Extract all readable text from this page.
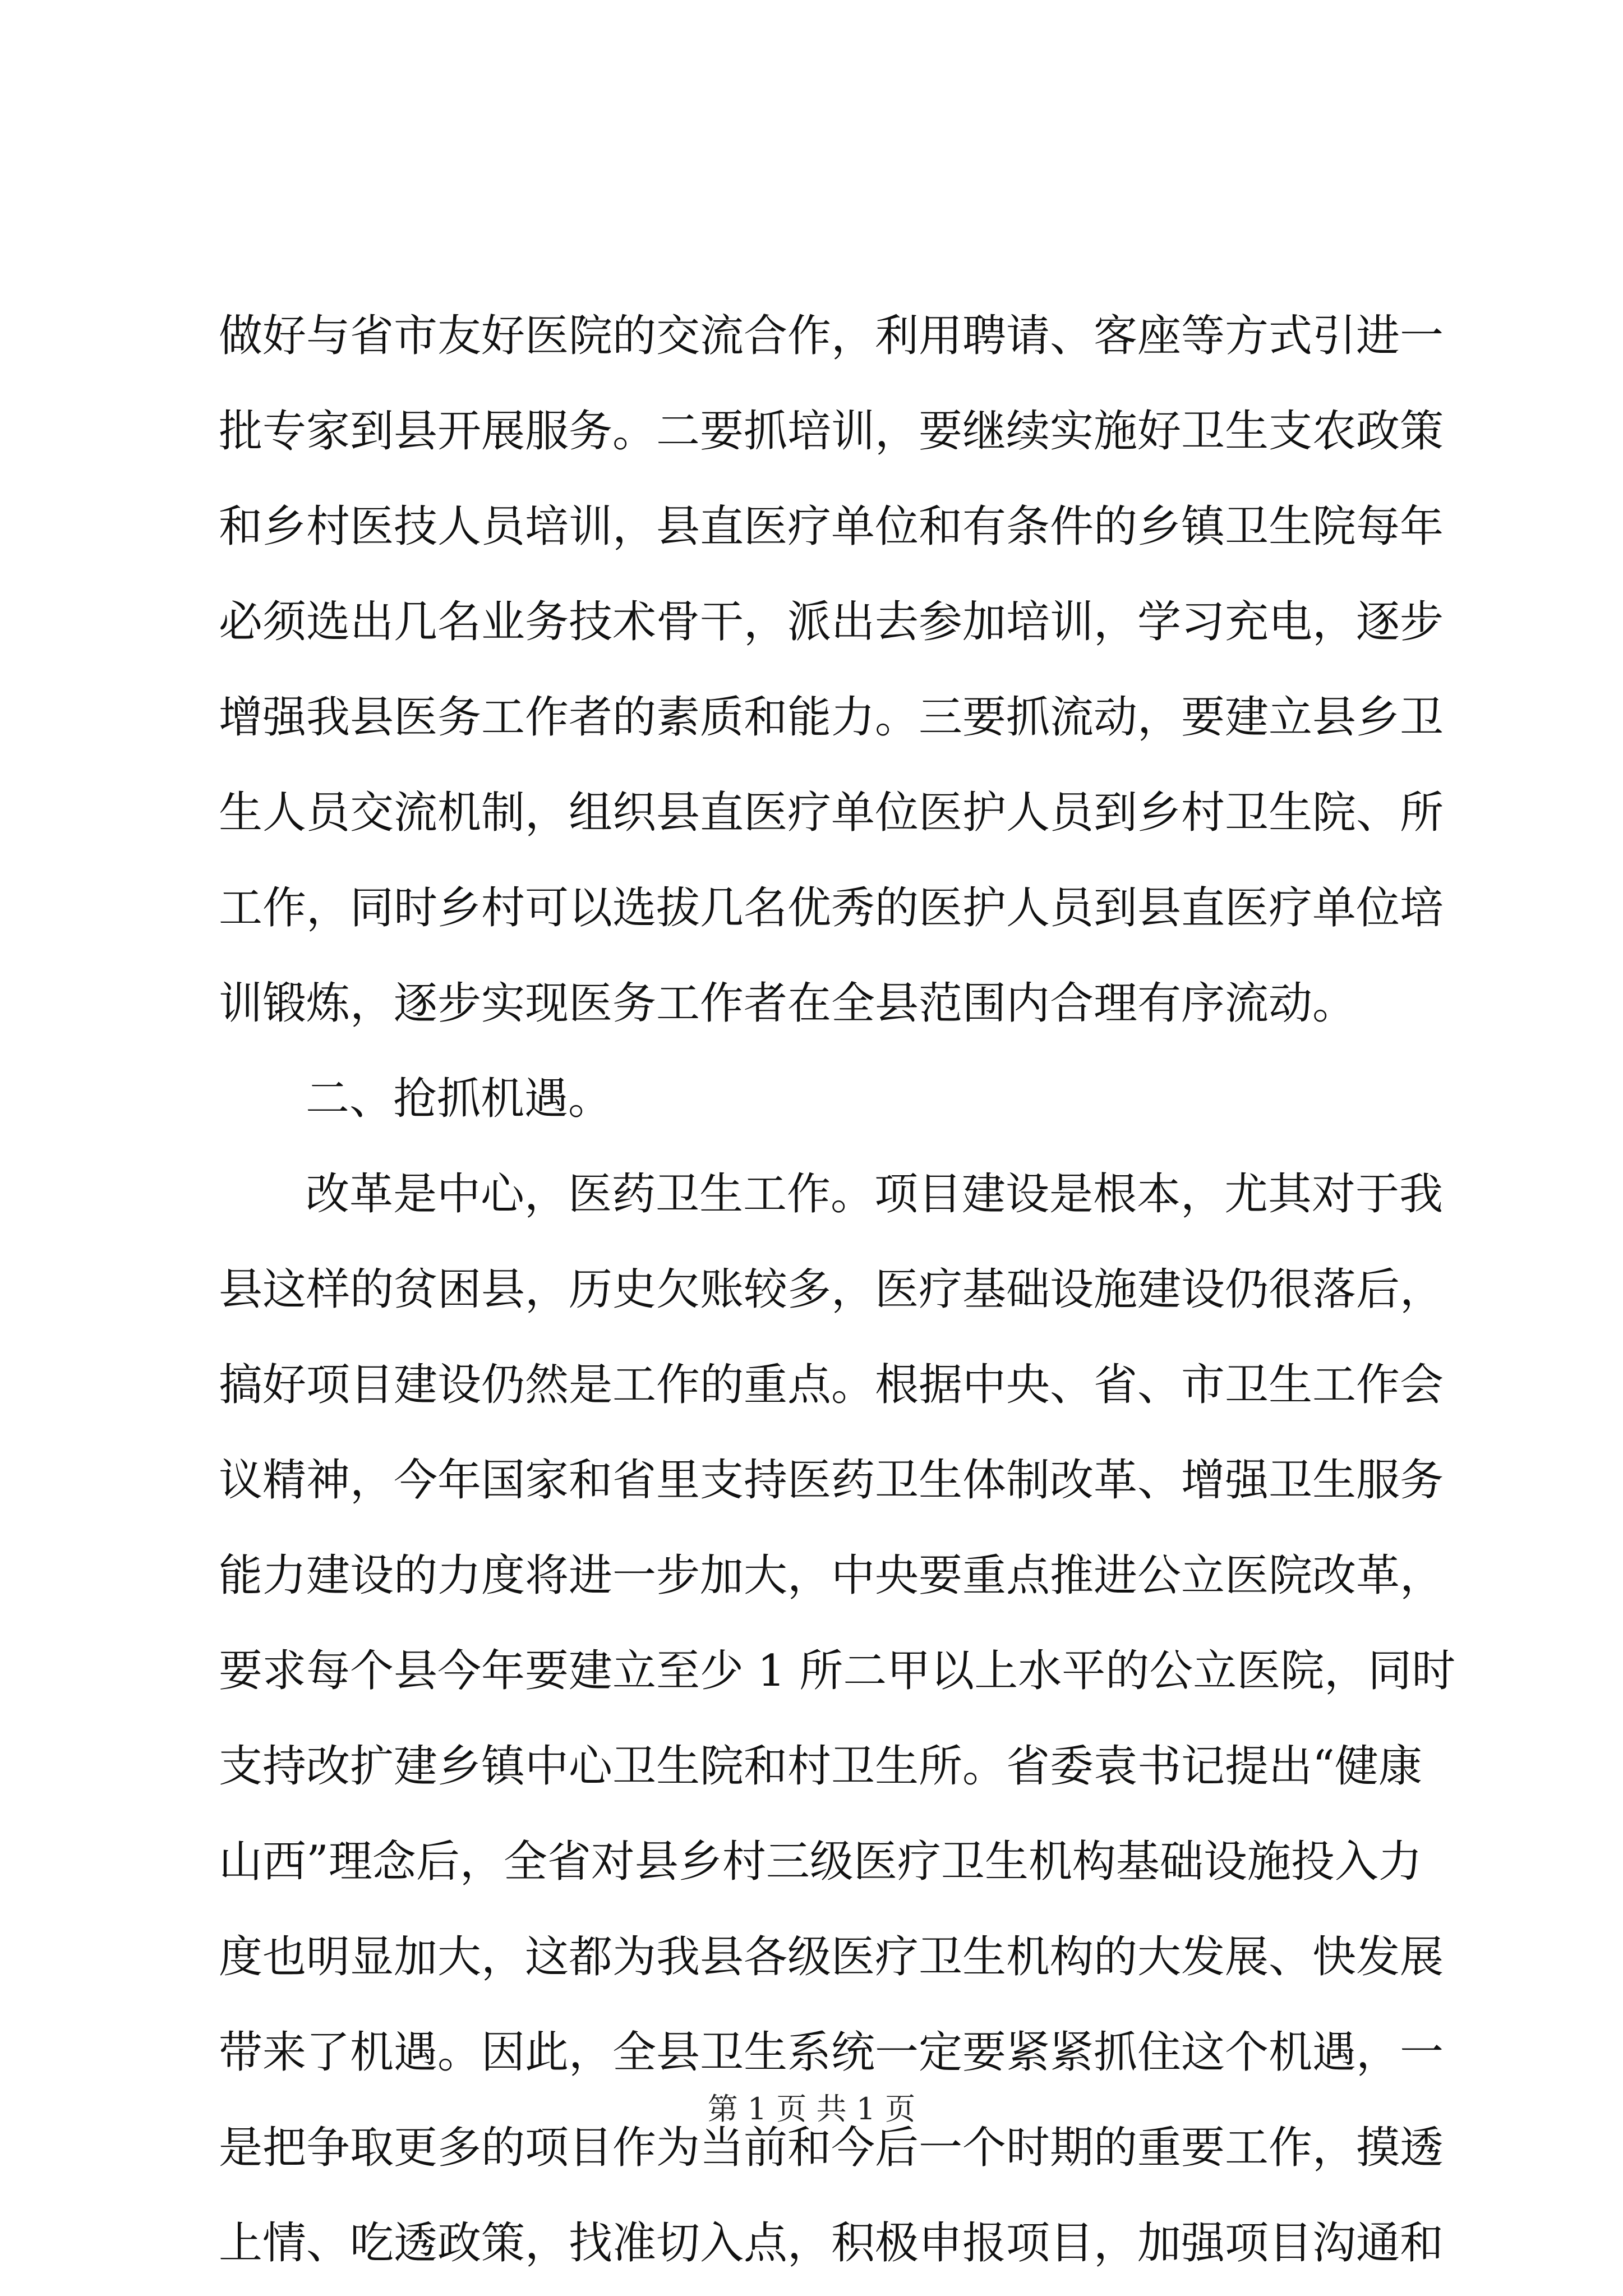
做好与省市友好医院的交流合作，利用聘请、客座等方式引进一
批专家到县开展服务。二要抓培训，要继续实施好卫生支农政策
和乡村医技人员培训，县直医疗单位和有条件的乡镇卫生院每年
必须选出几名业务技术骨干，派出去参加培训，学习充电，逐步
增强我县医务工作者的素质和能力。三要抓流动，要建立县乡卫
生人员交流机制，组织县直医疗单位医护人员到乡村卫生院、所
工作，同时乡村可以选拔几名优秀的医护人员到县直医疗单位培
训锻炼，逐步实现医务工作者在全县范围内合理有序流动。
二、抢抓机遇。
改革是中心，医药卫生工作。项目建设是根本，尤其对于我
县这样的贫困县，历史欠账较多，医疗基础设施建设仍很落后，
搞好项目建设仍然是工作的重点。根据中央、省、市卫生工作会
议精神，今年国家和省里支持医药卫生体制改革、增强卫生服务
能力建设的力度将进一步加大，中央要重点推进公立医院改革，
要求每个县今年要建立至少 1 所二甲以上水平的公立医院，同时
支持改扩建乡镇中心卫生院和村卫生所。省委袁书记提出“健康
山西”理念后，全省对县乡村三级医疗卫生机构基础设施投入力
度也明显加大，这都为我县各级医疗卫生机构的大发展、快发展
带来了机遇。因此，全县卫生系统一定要紧紧抓住这个机遇，一
是把争取更多的项目作为当前和今后一个时期的重要工作，摸透
上情、吃透政策，找准切入点，积极申报项目，加强项目沟通和
第 1 页 共 1 页
